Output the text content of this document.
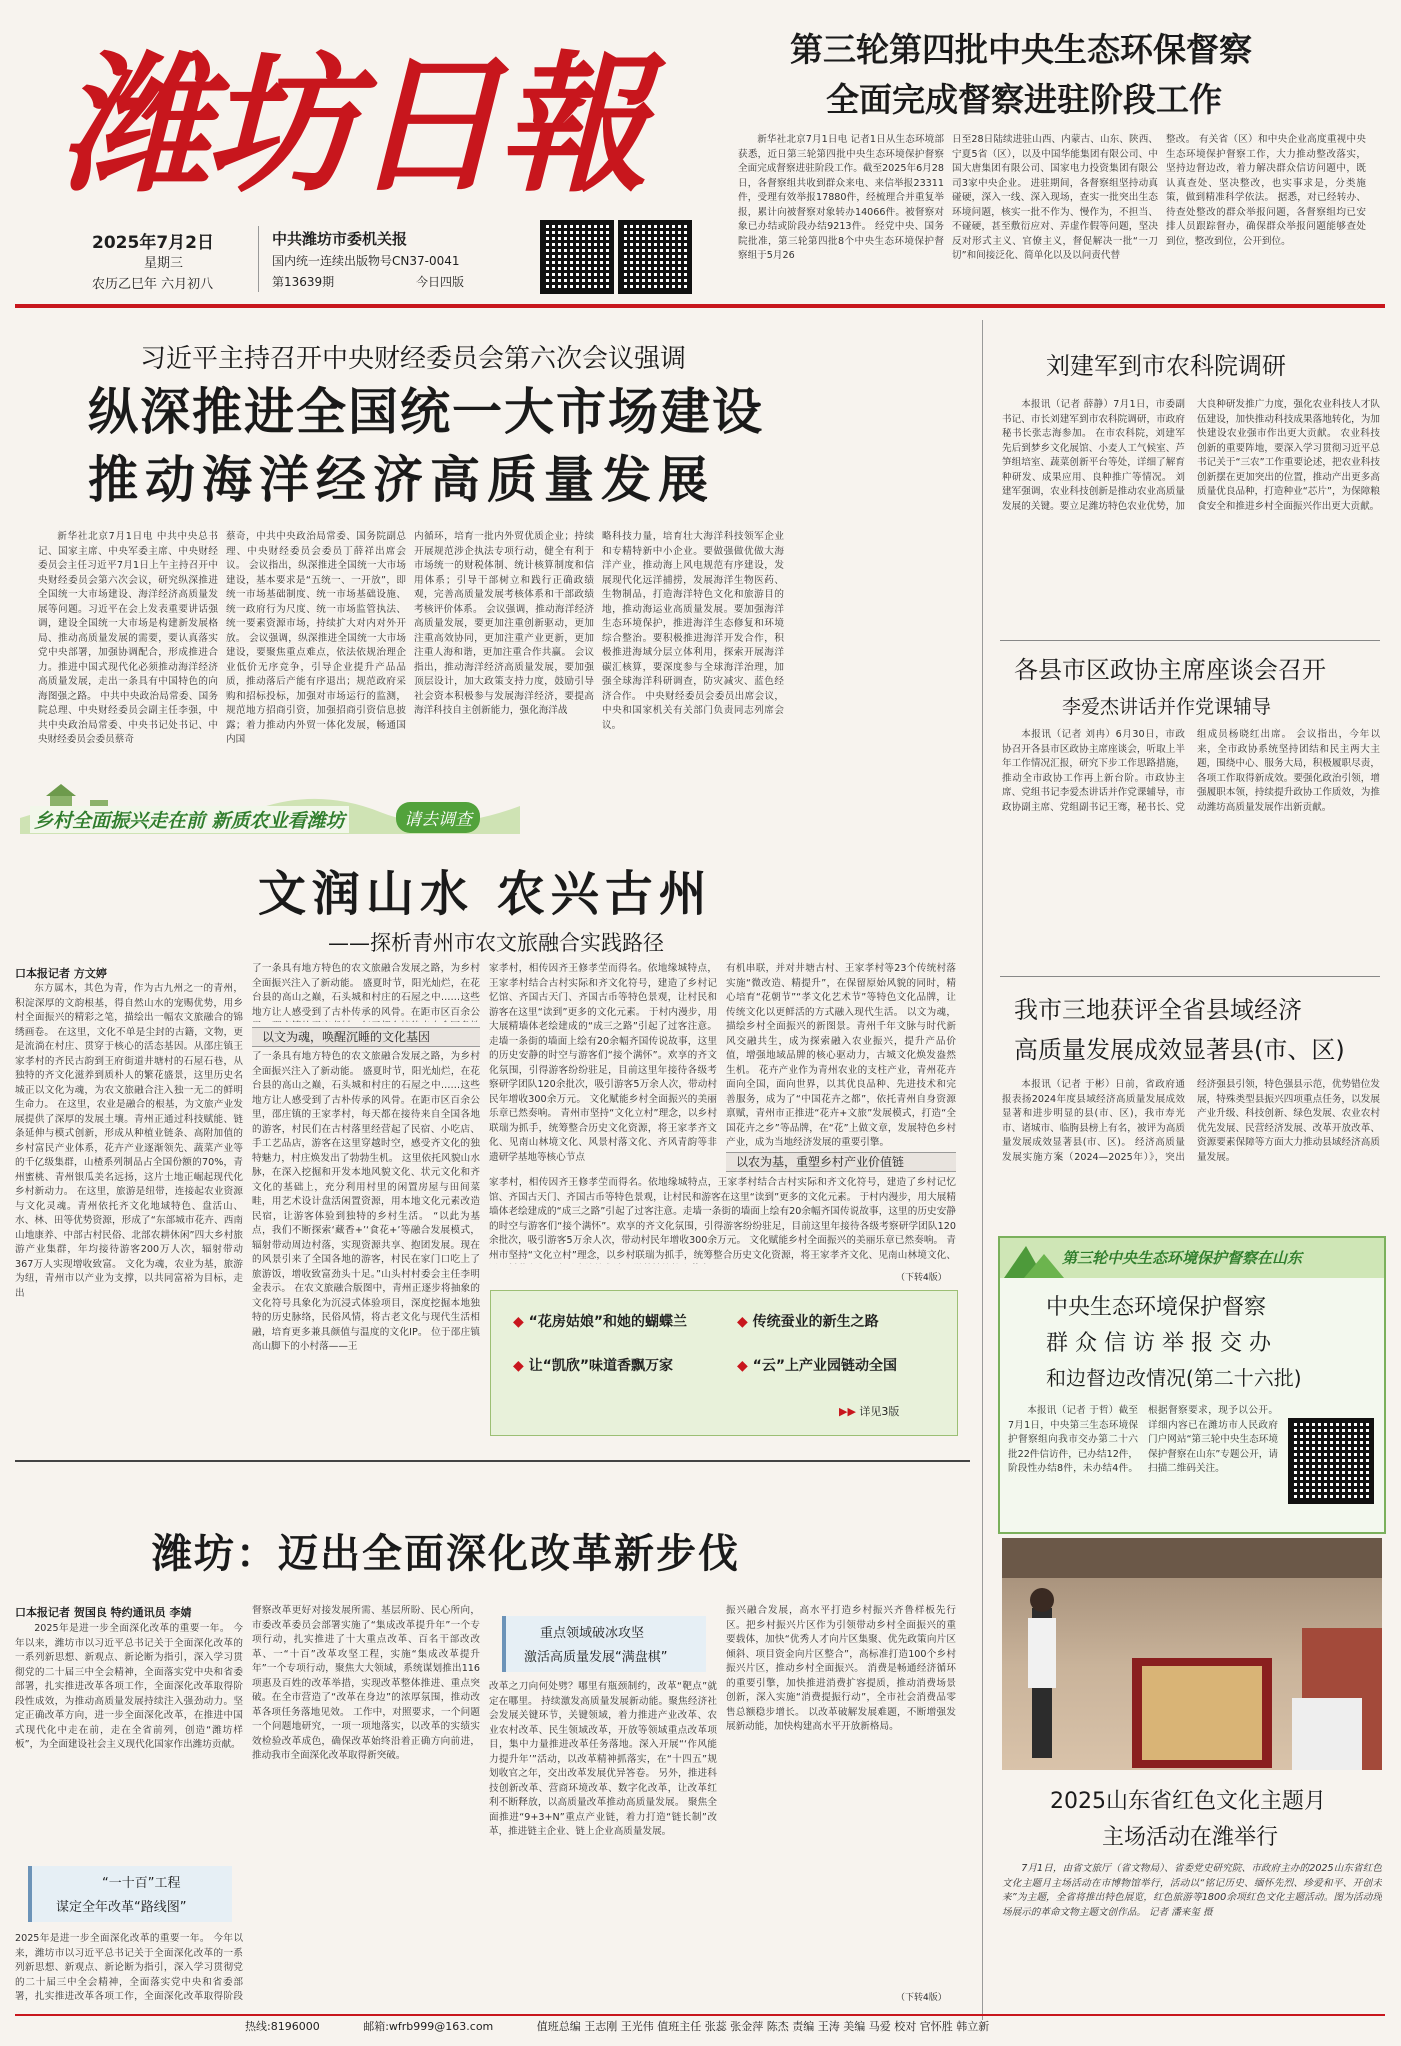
潍坊日報
2025年7月2日
星期三
农历乙巳年 六月初八
中共潍坊市委机关报
国内统一连续出版物号CN37-0041
第13639期	今日四版
第三轮第四批中央生态环保督察
全面完成督察进驻阶段工作
新华社北京7月1日电 记者1日从生态环境部获悉，近日第三轮第四批中央生态环境保护督察全面完成督察进驻阶段工作。截至2025年6月28日，各督察组共收到群众来电、来信举报23311件，受理有效举报17880件，经梳理合并重复举报，累计向被督察对象转办14066件。被督察对象已办结或阶段办结9213件。 经党中央、国务院批准，第三轮第四批8个中央生态环境保护督察组于5月26
日至28日陆续进驻山西、内蒙古、山东、陕西、宁夏5省（区），以及中国华能集团有限公司、中国大唐集团有限公司、国家电力投资集团有限公司3家中央企业。 进驻期间，各督察组坚持动真碰硬，深入一线、深入现场，查实一批突出生态环境问题，核实一批不作为、慢作为，不担当、不碰硬，甚至敷衍应对、弄虚作假等问题，坚决反对形式主义、官僚主义，督促解决一批“一刀切”和间接泛化、简单化以及以问责代替
整改。 有关省（区）和中央企业高度重视中央生态环境保护督察工作，大力推动整改落实，坚持边督边改，着力解决群众信访问题中，既认真查处、坚决整改，也实事求是，分类施策，做到精准科学依法。 据悉，对已经转办、待查处整改的群众举报问题，各督察组均已安排人员跟踪督办，确保群众举报问题能够查处到位，整改到位，公开到位。
习近平主持召开中央财经委员会第六次会议强调
纵深推进全国统一大市场建设
推动海洋经济高质量发展
新华社北京7月1日电 中共中央总书记、国家主席、中央军委主席、中央财经委员会主任习近平7月1日上午主持召开中央财经委员会第六次会议，研究纵深推进全国统一大市场建设、海洋经济高质量发展等问题。习近平在会上发表重要讲话强调，建设全国统一大市场是构建新发展格局、推动高质量发展的需要，要认真落实党中央部署，加强协调配合，形成推进合力。推进中国式现代化必须推动海洋经济高质量发展，走出一条具有中国特色的向海图强之路。 中共中央政治局常委、国务院总理、中央财经委员会副主任李强，中共中央政治局常委、中央书记处书记、中央财经委员会委员蔡奇
蔡奇，中共中央政治局常委、国务院副总理、中央财经委员会委员丁薛祥出席会议。 会议指出，纵深推进全国统一大市场建设，基本要求是“五统一、一开放”，即统一市场基础制度、统一市场基础设施、统一政府行为尺度、统一市场监管执法、统一要素资源市场，持续扩大对内对外开放。 会议强调，纵深推进全国统一大市场建设，要聚焦重点难点，依法依规治理企业低价无序竞争，引导企业提升产品品质，推动落后产能有序退出；规范政府采购和招标投标，加强对市场运行的监测，规范地方招商引资，加强招商引资信息披露；着力推动内外贸一体化发展，畅通国内国
内循环，培育一批内外贸优质企业；持续开展规范涉企执法专项行动，健全有利于市场统一的财税体制、统计核算制度和信用体系；引导干部树立和践行正确政绩观，完善高质量发展考核体系和干部政绩考核评价体系。 会议强调，推动海洋经济高质量发展，要更加注重创新驱动，更加注重高效协同，更加注重产业更新，更加注重人海和谐，更加注重合作共赢。 会议指出，推动海洋经济高质量发展，要加强顶层设计，加大政策支持力度，鼓励引导社会资本积极参与发展海洋经济，要提高海洋科技自主创新能力，强化海洋战
略科技力量，培育壮大海洋科技领军企业和专精特新中小企业。要做强做优做大海洋产业，推动海上风电规范有序建设，发展现代化远洋捕捞，发展海洋生物医药、生物制品，打造海洋特色文化和旅游目的地，推动海运业高质量发展。要加强海洋生态环境保护，推进海洋生态修复和环境综合整治。要积极推进海洋开发合作，积极推进海域分层立体利用，探索开展海洋碳汇核算，要深度参与全球海洋治理，加强全球海洋科研调查，防灾减灾、蓝色经济合作。 中央财经委员会委员出席会议，中央和国家机关有关部门负责同志列席会议。
乡村全面振兴走在前 新质农业看潍坊	请去调查
文润山水 农兴古州
——探析青州市农文旅融合实践路径
口本报记者 方文婷
东方属木，其色为青，作为古九州之一的青州，积淀深厚的文韵根基，得自然山水的宠赐优势，用乡村全面振兴的精彩之笔，描绘出一幅农文旅融合的锦绣画卷。 在这里，文化不单是尘封的古籍，文物，更是流淌在村庄、贯穿于核心的活态基因。从邵庄镇王家孝村的齐民古韵到王府街道井塘村的石屋石巷，从独特的齐文化滋养到质朴人的繁花盛景，这里历史名城正以文化为魂，为农文旅融合注入独一无二的鲜明生命力。 在这里，农业是融合的根基，为文旅产业发展提供了深厚的发展土壤。青州正通过科技赋能、链条延伸与模式创新，形成从种植业链条、高附加值的乡村富民产业体系，花卉产业逐渐领先、蔬菜产业等的千亿级集群，山楂系列制品占全国份额的70%，青州蜜桃、青州银瓜美名远扬，这片土地正崛起现代化乡村新动力。 在这里，旅游是纽带，连接起农业资源与文化灵魂。青州依托齐文化地域特色、盘活山、水、林、田等优势资源，形成了“东部城市花卉、西南山地康养、中部古村民俗、北部农耕休闲”四大乡村旅游产业集群，年均接待游客200万人次，辐射带动367万人实现增收致富。 文化为魂，农业为基，旅游为纽，青州市以产业为支撑，以共同富裕为目标，走出
了一条具有地方特色的农文旅融合发展之路，为乡村全面振兴注入了新动能。 盛夏时节，阳光灿烂，在花台县的高山之巅，石头城和村庄的石屋之中……这些地方让人感受到了古朴传承的风骨。在距市区百余公
以文为魂，唤醒沉睡的文化基因
了一条具有地方特色的农文旅融合发展之路，为乡村全面振兴注入了新动能。 盛夏时节，阳光灿烂，在花台县的高山之巅，石头城和村庄的石屋之中……这些地方让人感受到了古朴传承的风骨。在距市区百余公里，邵庄镇的王家孝村，每天都在接待来自全国各地的游客，村民们在古村落里经营起了民宿、小吃店、手工艺品店，游客在这里穿越时空，感受齐文化的独特魅力，村庄焕发出了勃勃生机。 这里依托风貌山水脉，在深入挖掘和开发本地风貌文化、状元文化和齐文化的基础上，充分利用村里的闲置房屋与田间菜畦，用艺术设计盘活闲置资源，用本地文化元素改造民宿，让游客体验到独特的乡村生活。 “以此为基点，我们不断探索‘藏香+’‘食花+’等融合发展模式，辐射带动周边村落，实现资源共享、抱团发展。现在的风景引来了全国各地的游客，村民在家门口吃上了旅游饭，增收致富劲头十足。”山头村村委会主任李明金表示。 在农文旅融合版图中，青州正逐步将抽象的文化符号具象化为沉浸式体验项目，深度挖掘本地独特的历史脉络，民俗风情，将古老文化与现代生活相融，培育更多兼具颜值与温度的文化IP。 位于邵庄镇高山脚下的小村落——王
家孝村，相传因齐王修孝茔而得名。依地缘城特点，王家孝村结合古村实际和齐文化符号，建造了乡村记忆馆、齐国古天门、齐国古币等特色景观，让村民和游客在这里“读到”更多的文化元素。 于村内漫步，用大展精墙体老绘建成的“成三之路”引起了过客注意。走墙一条街的墙面上绘有20余幅齐国传说故事，这里的历史安静的时空与游客们“接个满怀”。欢享的齐文化氛围，引得游客纷纷驻足，目前这里年接待各级考察研学团队120余批次，吸引游客5万余人次，带动村民年增收300余万元。 文化赋能乡村全面振兴的美丽乐章已然奏响。 青州市坚持“文化立村”理念，以乡村联瑞为抓手，统筹整合历史文化资源，将王家孝齐文化、见南山林境文化、风景村落文化、齐风青韵等非遗研学基地等核心节点
有机串联，并对井塘古村、王家孝村等23个传统村落实施“微改造、精提升”，在保留原始风貌的同时，精心培育“花朝节”“孝文化艺术节”等特色文化品牌，让传统文化以更鲜活的方式融入现代生活。 以文为魂，描绘乡村全面振兴的新图景。青州千年文脉与时代新风交融共生，成为探索融入农业振兴，提升产品价值，增强地域品牌的核心驱动力，古城文化焕发盎然生机。 花卉产业作为青州农业的支柱产业，青州花卉面向全国，面向世界，以其优良品种、先进技术和完善服务，成为了“中国花卉之都”，依托青州自身资源禀赋，青州市正推进“花卉+文旅”发展模式，打造“全国花卉之乡”等品牌，在“花”上做文章，发展特色乡村产业，成为当地经济发展的重要引擎。
以农为基，重塑乡村产业价值链
家孝村，相传因齐王修孝茔而得名。依地缘城特点，王家孝村结合古村实际和齐文化符号，建造了乡村记忆馆、齐国古天门、齐国古币等特色景观，让村民和游客在这里“读到”更多的文化元素。 于村内漫步，用大展精墙体老绘建成的“成三之路”引起了过客注意。走墙一条街的墙面上绘有20余幅齐国传说故事，这里的历史安静的时空与游客们“接个满怀”。欢享的齐文化氛围，引得游客纷纷驻足，目前这里年接待各级考察研学团队120余批次，吸引游客5万余人次，带动村民年增收300余万元。 文化赋能乡村全面振兴的美丽乐章已然奏响。 青州市坚持“文化立村”理念，以乡村联瑞为抓手，统筹整合历史文化资源，将王家孝齐文化、见南山林境文化、
（下转4版）
◆ “花房姑娘”和她的蝴蝶兰	◆ 传统蚕业的新生之路
◆ 让“凯欣”味道香飘万家	◆ “云”上产业园链动全国
▶▶ 详见3版
潍坊：迈出全面深化改革新步伐
口本报记者 贺国良 特约通讯员 李婧
2025年是进一步全面深化改革的重要一年。 今年以来，潍坊市以习近平总书记关于全面深化改革的一系列新思想、新观点、新论断为指引，深入学习贯彻党的二十届三中全会精神，全面落实党中央和省委部署，扎实推进改革各项工作，全面深化改革取得阶段性成效，为推动高质量发展持续注入强劲动力。坚定正确改革方向，进一步全面深化改革，在推进中国式现代化中走在前，走在全省前列，创造“潍坊样板”，为全面建设社会主义现代化国家作出潍坊贡献。
“一十百”工程
谋定全年改革“路线图”
2025年是进一步全面深化改革的重要一年。 今年以来，潍坊市以习近平总书记关于全面深化改革的一系列新思想、新观点、新论断为指引，深入学习贯彻党的二十届三中全会精神，全面落实党中央和省委部署，扎实推进改革各项工作，全面深化改革取得阶段
督察改革更好对接发展所需、基层所盼、民心所向，市委改革委员会部署实施了“集成改革提升年”一个专项行动，扎实推进了十大重点改革、百名干部改改革、一“十百”改革攻坚工程，实施“集成改革提升年”一个专项行动，聚焦大大领域，系统谋划推出116项惠及百姓的改革举措，实现改革整体推进、重点突破。在全市营造了“改革在身边”的浓厚氛围，推动改革各项任务落地见效。 工作中，对照要求，一个问题一个问题地研究，一项一项地落实，以改革的实绩实效检验改革成色，确保改革始终沿着正确方向前进，推动我市全面深化改革取得新突破。
重点领域破冰攻坚
激活高质量发展“满盘棋”
改革之刀向何处劈？哪里有瓶颈制约，改革“靶点”就定在哪里。 持续激发高质量发展新动能。聚焦经济社会发展关键环节，关键领域，着力推进产业改革、农业农村改革、民生领域改革，开放等领域重点改革项目，集中力量推进改革任务落地。深入开展“‘作风能力提升年’”活动，以改革精神抓落实，在“十四五”规划收官之年，交出改革发展优异答卷。 另外，推进科技创新改革、营商环境改革、数字化改革，让改革红利不断释放，以高质量改革推动高质量发展。 聚焦全面推进“9+3+N”重点产业链，着力打造“链长制”改革，推进链主企业、链上企业高质量发展。
振兴融合发展，高水平打造乡村振兴齐鲁样板先行区。把乡村振兴片区作为引领带动乡村全面振兴的重要载体，加快“优秀人才向片区集聚、优先政策向片区倾斜、项目资金向片区整合”，高标准打造100个乡村振兴片区，推动乡村全面振兴。 消费是畅通经济循环的重要引擎，加快推进消费扩容提质，推动消费场景创新，深入实施“消费提振行动”，全市社会消费品零售总额稳步增长。 以改革破解发展难题，不断增强发展新动能，加快构建高水平开放新格局。
（下转4版）
刘建军到市农科院调研
本报讯（记者 薛静）7月1日，市委副书记、市长刘建军到市农科院调研，市政府秘书长张志海参加。 在市农科院，刘建军先后到梦乡文化展馆、小麦人工气候室、芦笋组培室、蔬菜创新平台等处，详细了解育种研发、成果应用、良种推广等情况。 刘建军强调，农业科技创新是推动农业高质量发展的关键。要立足潍坊特色农业优势，加大良种研发推广力度，强化农业科技人才队伍建设，加快推动科技成果落地转化，为加快建设农业强市作出更大贡献。 农业科技创新的重要阵地，要深入学习贯彻习近平总书记关于“三农”工作重要论述，把农业科技创新摆在更加突出的位置，推动产出更多高质量优良品种，打造种业“芯片”，为保障粮食安全和推进乡村全面振兴作出更大贡献。
各县市区政协主席座谈会召开
李爱杰讲话并作党课辅导
本报讯（记者 刘冉）6月30日，市政协召开各县市区政协主席座谈会，听取上半年工作情况汇报，研究下步工作思路措施，推动全市政协工作再上新台阶。市政协主席、党组书记李爱杰讲话并作党课辅导，市政协副主席、党组副书记王骞，秘书长、党组成员杨晓红出席。 会议指出，今年以来，全市政协系统坚持团结和民主两大主题，围绕中心、服务大局，积极履职尽责，各项工作取得新成效。要强化政治引领，增强履职本领，持续提升政协工作质效，为推动潍坊高质量发展作出新贡献。
我市三地获评全省县域经济
高质量发展成效显著县(市、区)
本报讯（记者 于彬）日前，省政府通报表扬2024年度县域经济高质量发展成效显著和进步明显的县(市、区)，我市寿光市、诸城市、临朐县榜上有名，被评为高质量发展成效显著县(市、区)。 经济高质量发展实施方案（2024—2025年）》，突出经济强县引领，特色强县示范，优势错位发展，特殊类型县振兴四项重点任务，以发展产业升级、科技创新、绿色发展、农业农村优先发展、民营经济发展、改革开放改革、资源要素保障等方面大力推动县域经济高质量发展。
第三轮中央生态环境保护督察在山东
中央生态环境保护督察
群众信访举报交办
和边督边改情况(第二十六批)
本报讯（记者 于哲）截至7月1日，中央第三生态环境保护督察组向我市交办第二十六批22件信访件，已办结12件，阶段性办结8件，未办结4件。根据督察要求，现予以公开。 详细内容已在潍坊市人民政府门户网站“第三轮中央生态环境保护督察在山东”专题公开，请扫描二维码关注。
2025山东省红色文化主题月
主场活动在潍举行
7月1日，由省文旅厅（省文物局）、省委党史研究院、市政府主办的2025山东省红色文化主题月主场活动在市博物馆举行，活动以“铭记历史、缅怀先烈、珍爱和平、开创未来”为主题，全省将推出特色展览，红色旅游等1800余项红色文化主题活动。图为活动现场展示的革命文物主题文创作品。 记者 潘来玺 摄
热线:8196000	邮箱:wfrb999@163.com	值班总编 王志刚 王光伟 值班主任 张蕊 张金萍 陈杰 责编 王涛 美编 马爱 校对 官怀胜 韩立新
